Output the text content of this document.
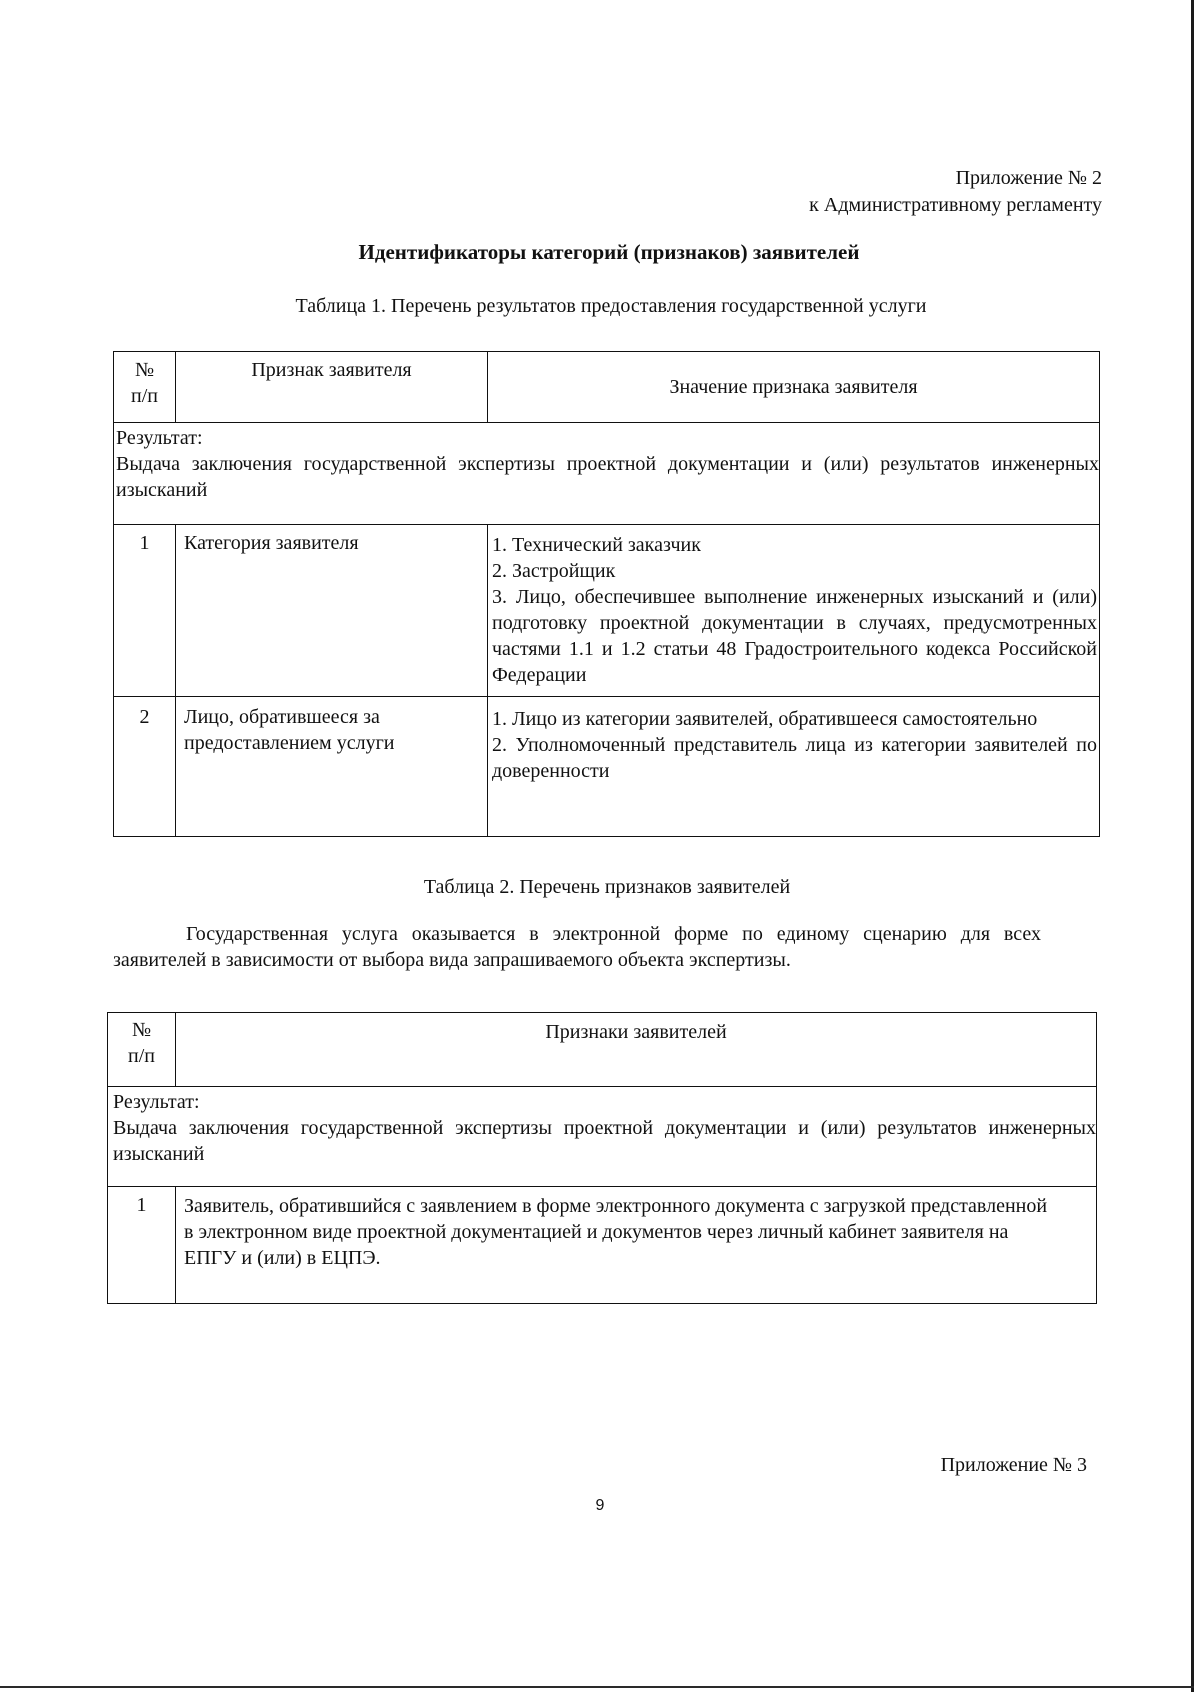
Приложение № 2
к Административному регламенту
Идентификаторы категорий (признаков) заявителей
Таблица 1. Перечень результатов предоставления государственной услуги
№
п/п	Признак заявителя	Значение признака заявителя

Результат:
Выдача заключения государственной экспертизы проектной документации и (или) результатов инженерных изысканий		

1	Категория заявителя	1. Технический заказчик
2. Застройщик
3. Лицо, обеспечившее выполнение инженерных изысканий и (или) подготовку проектной документации в случаях, предусмотренных частями 1.1 и 1.2 статьи 48 Градостроительного кодекса Российской Федерации

2	Лицо, обратившееся за предоставлением услуги	1. Лицо из категории заявителей, обратившееся самостоятельно
2. Уполномоченный представитель лица из категории заявителей по доверенности
Таблица 2. Перечень признаков заявителей
Государственная услуга оказывается в электронной форме по единому сценарию для всех заявителей в зависимости от выбора вида запрашиваемого объекта экспертизы.
№
п/п	Признаки заявителей

Результат:
Выдача заключения государственной экспертизы проектной документации и (или) результатов инженерных изысканий	

1	Заявитель, обратившийся с заявлением в форме электронного документа с загрузкой представленной в электронном виде проектной документацией и документов через личный кабинет заявителя на ЕПГУ и (или) в ЕЦПЭ.
Приложение № 3
9
